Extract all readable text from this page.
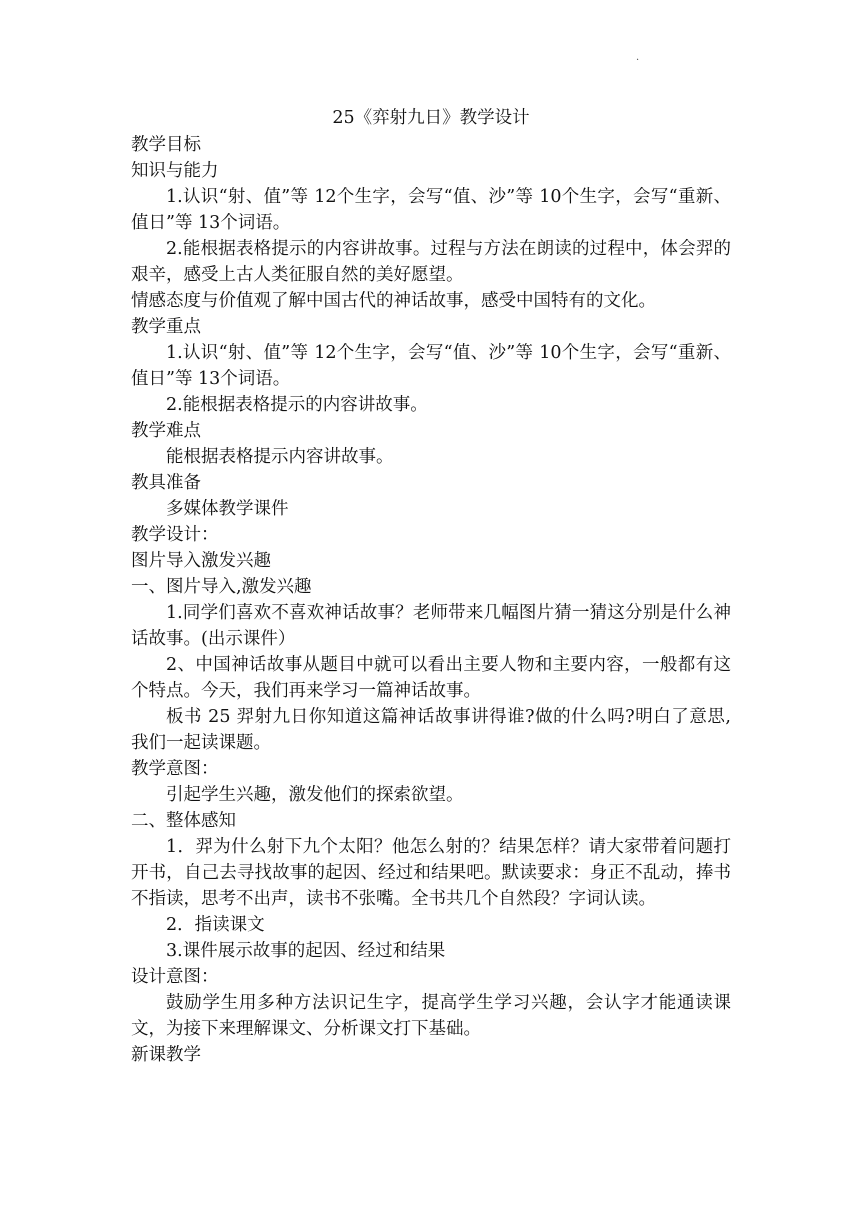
·
25《弈射九日》教学设计

教学目标

知识与能力

1.认识“射、值”等 12个生字，会写“值、沙”等 10个生字，会写“重新、值日”等 13个词语。

2.能根据表格提示的内容讲故事。过程与方法在朗读的过程中，体会羿的艰辛，感受上古人类征服自然的美好愿望。

情感态度与价值观了解中国古代的神话故事，感受中国特有的文化。

教学重点

1.认识“射、值”等 12个生字，会写“值、沙”等 10个生字，会写“重新、值日”等 13个词语。

2.能根据表格提示的内容讲故事。

教学难点

能根据表格提示内容讲故事。

教具准备

多媒体教学课件

教学设计：

图片导入激发兴趣

一、图片导入,激发兴趣

1.同学们喜欢不喜欢神话故事？老师带来几幅图片猜一猜这分别是什么神话故事。(出示课件）

2、中国神话故事从题目中就可以看出主要人物和主要内容，一般都有这个特点。今天，我们再来学习一篇神话故事。

板书 25 羿射九日你知道这篇神话故事讲得谁?做的什么吗?明白了意思,我们一起读课题。

教学意图：

引起学生兴趣，激发他们的探索欲望。

二、整体感知

1．羿为什么射下九个太阳？他怎么射的？结果怎样？请大家带着问题打开书，自己去寻找故事的起因、经过和结果吧。默读要求：身正不乱动，捧书不指读，思考不出声，读书不张嘴。全书共几个自然段？字词认读。

2．指读课文

3.课件展示故事的起因、经过和结果

设计意图：

鼓励学生用多种方法识记生字，提高学生学习兴趣，会认字才能通读课文，为接下来理解课文、分析课文打下基础。

新课教学
